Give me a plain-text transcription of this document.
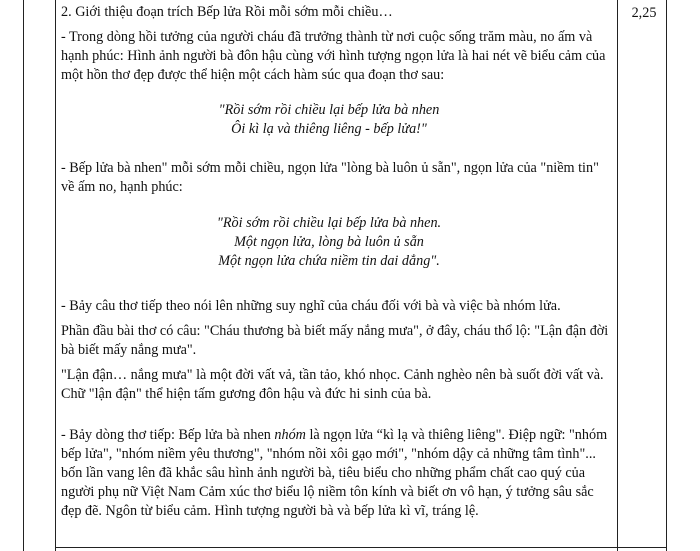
2. Giới thiệu đoạn trích Bếp lửa Rồi mỗi sớm mỗi chiều…

- Trong dòng hồi tưởng của người cháu đã trưởng thành từ nơi cuộc sống trăm màu, no ấm và hạnh phúc: Hình ảnh người bà đôn hậu cùng với hình tượng ngọn lửa là hai nét vẽ biểu cảm của một hồn thơ đẹp được thể hiện một cách hàm súc qua đoạn thơ sau:

"Rồi sớm rồi chiều lại bếp lửa bà nhen

Ôi kì lạ và thiêng liêng - bếp lửa!"

- Bếp lửa bà nhen" mỗi sớm mỗi chiều, ngọn lửa "lòng bà luôn ủ sẵn", ngọn lửa của "niềm tin" về ấm no, hạnh phúc:

"Rồi sớm rồi chiều lại bếp lửa bà nhen.

Một ngọn lửa, lòng bà luôn ủ sẵn

Một ngọn lửa chứa niềm tin dai dẳng".

- Bảy câu thơ tiếp theo nói lên những suy nghĩ của cháu đối với bà và việc bà nhóm lửa.

Phần đầu bài thơ có câu: "Cháu thương bà biết mấy nắng mưa", ở đây, cháu thổ lộ: "Lận đận đời bà biết mấy nắng mưa".

"Lận đận… nắng mưa" là một đời vất vả, tần tảo, khó nhọc. Cảnh nghèo nên bà suốt đời vất và. Chữ "lận đận" thể hiện tấm gương đôn hậu và đức hi sinh của bà.

- Bảy dòng thơ tiếp: Bếp lửa bà nhen nhóm là ngọn lửa “kì lạ và thiêng liêng". Điệp ngữ: "nhóm bếp lửa", "nhóm niềm yêu thương", "nhóm nồi xôi gạo mới", "nhóm dậy cả những tâm tình"... bốn lần vang lên đã khắc sâu hình ảnh người bà, tiêu biểu cho những phẩm chất cao quý của người phụ nữ Việt Nam Cảm xúc thơ biểu lộ niềm tôn kính và biết ơn vô hạn, ý tưởng sâu sắc đẹp đẽ. Ngôn từ biểu cảm. Hình tượng người bà và bếp lửa kì vĩ, tráng lệ.

2,25
